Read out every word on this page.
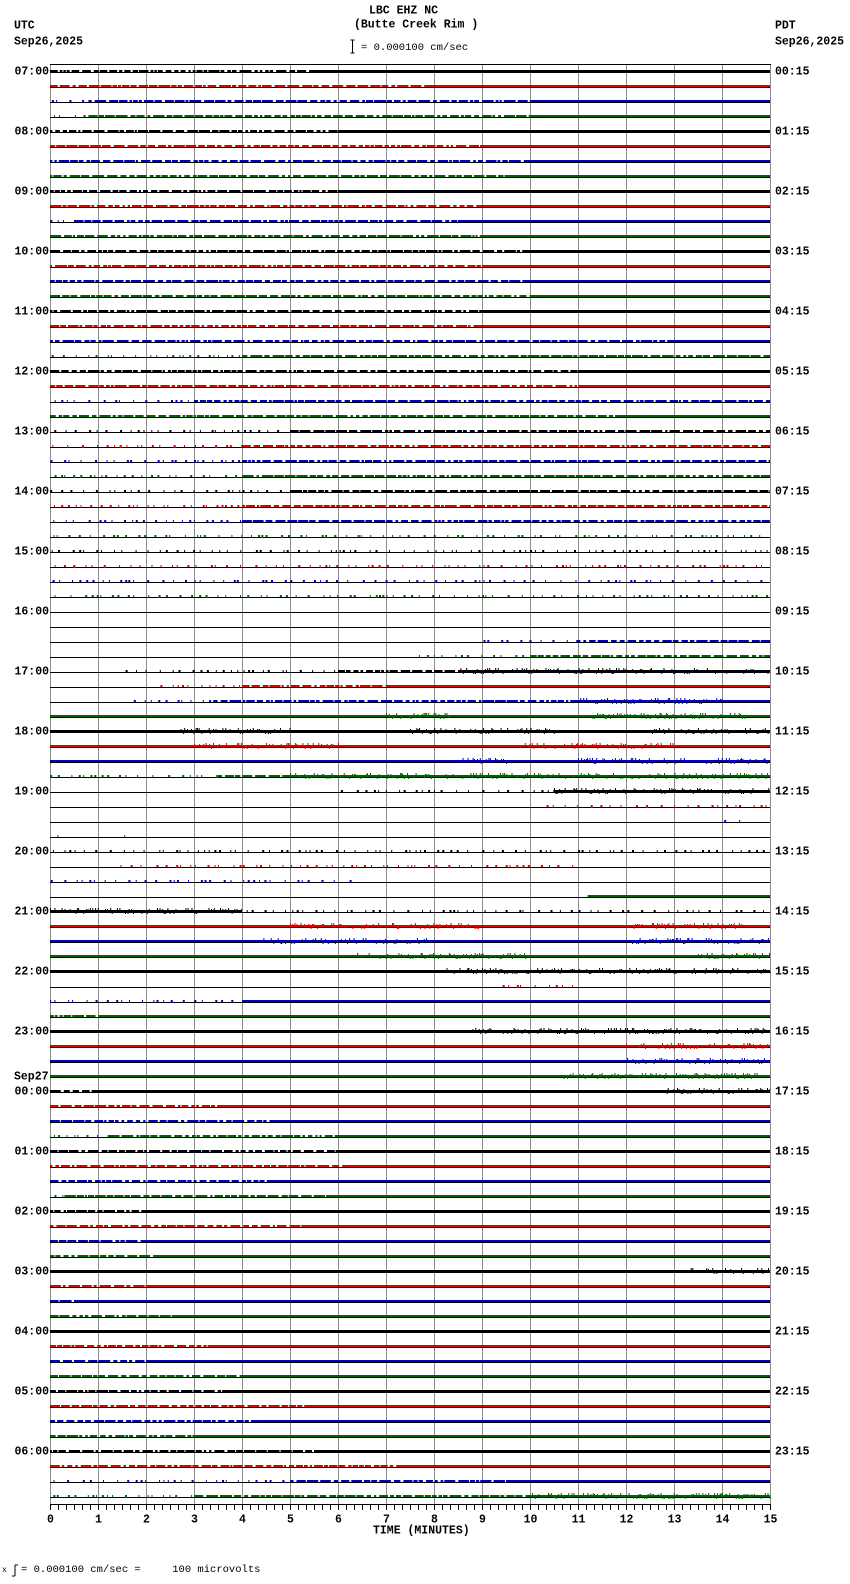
LBC EHZ NC
(Butte Creek Rim )
= 0.000100 cm/sec
UTC
Sep26,2025
PDT
Sep26,2025
07:00	00:15
08:00	01:15
09:00	02:15
10:00	03:15
11:00	04:15
12:00	05:15
13:00	06:15
14:00	07:15
15:00	08:15
16:00	09:15
17:00	10:15
18:00	11:15
19:00	12:15
20:00	13:15
21:00	14:15
22:00	15:15
23:00	16:15
00:00	17:15
01:00	18:15
02:00	19:15
03:00	20:15
04:00	21:15
05:00	22:15
06:00	23:15
Sep27
0	1	2	3	4	5	6	7	8	9	10	11	12	13	14	15
TIME (MINUTES)
x = 0.000100 cm/sec =     100 microvolts
